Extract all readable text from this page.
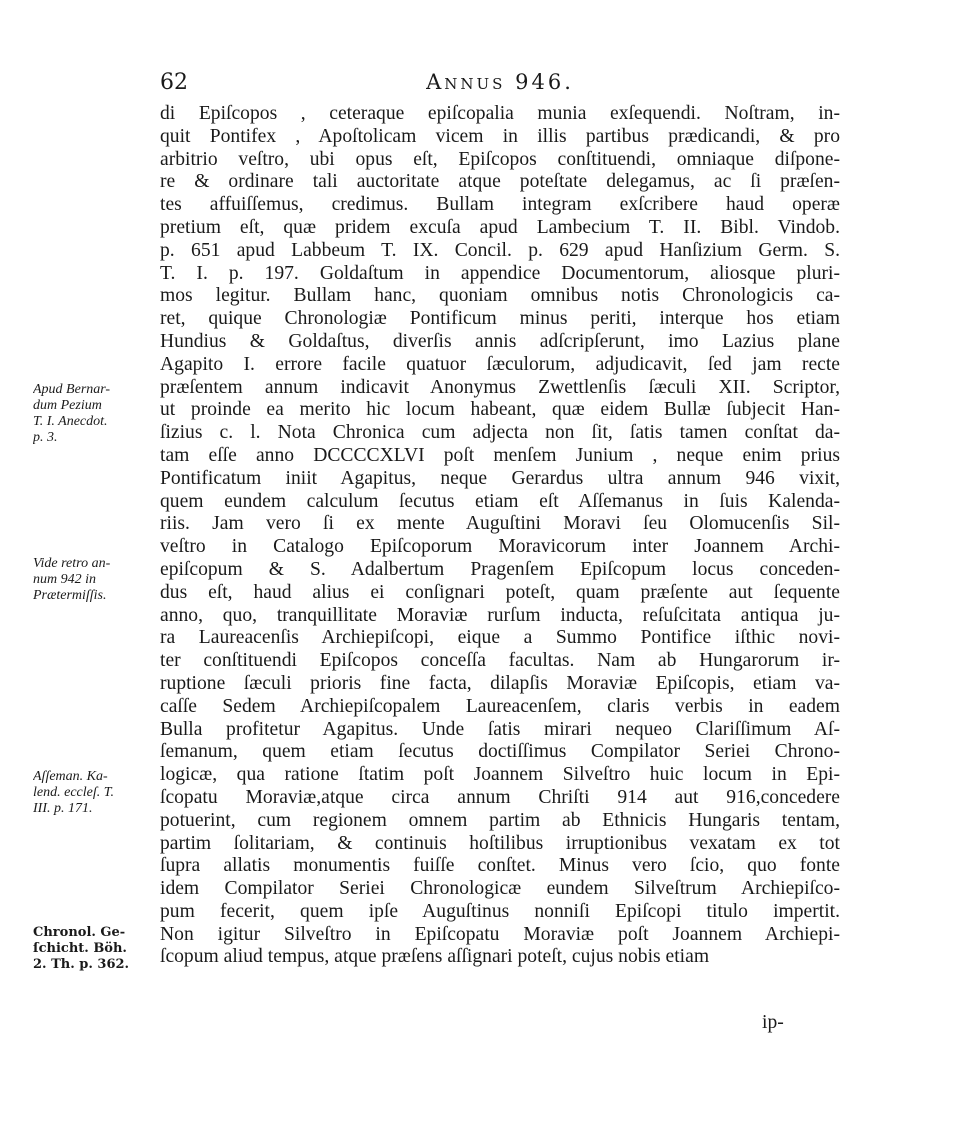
62	Annus 946.
di Epiſcopos , ceteraque epiſcopalia munia exſequendi. Noſtram, in-
quit Pontifex , Apoſtolicam vicem in illis partibus prædicandi, & pro
arbitrio veſtro, ubi opus eſt, Epiſcopos conſtituendi, omniaque diſpone-
re & ordinare tali auctoritate atque poteſtate delegamus, ac ſi præſen-
tes affuiſſemus, credimus. Bullam integram exſcribere haud operæ
pretium eſt, quæ pridem excuſa apud Lambecium T. II. Bibl. Vindob.
p. 651 apud Labbeum T. IX. Concil. p. 629 apud Hanſizium Germ. S.
T. I. p. 197. Goldaſtum in appendice Documentorum, aliosque pluri-
mos legitur. Bullam hanc, quoniam omnibus notis Chronologicis ca-
ret, quique Chronologiæ Pontificum minus periti, interque hos etiam
Hundius & Goldaſtus, diverſis annis adſcripſerunt, imo Lazius plane
Agapito I. errore facile quatuor ſæculorum, adjudicavit, ſed jam recte
præſentem annum indicavit Anonymus Zwettlenſis ſæculi XII. Scriptor,
ut proinde ea merito hic locum habeant, quæ eidem Bullæ ſubjecit Han-
ſizius c. l. Nota Chronica cum adjecta non ſit, ſatis tamen conſtat da-
tam eſſe anno DCCCCXLVI poſt menſem Junium , neque enim prius
Pontificatum iniit Agapitus, neque Gerardus ultra annum 946 vixit,
quem eundem calculum ſecutus etiam eſt Aſſemanus in ſuis Kalenda-
riis. Jam vero ſi ex mente Auguſtini Moravi ſeu Olomucenſis Sil-
veſtro in Catalogo Epiſcoporum Moravicorum inter Joannem Archi-
epiſcopum & S. Adalbertum Pragenſem Epiſcopum locus conceden-
dus eſt, haud alius ei conſignari poteſt, quam præſente aut ſequente
anno, quo, tranquillitate Moraviæ rurſum inducta, reſuſcitata antiqua ju-
ra Laureacenſis Archiepiſcopi, eique a Summo Pontifice iſthic novi-
ter conſtituendi Epiſcopos conceſſa facultas. Nam ab Hungarorum ir-
ruptione ſæculi prioris fine facta, dilapſis Moraviæ Epiſcopis, etiam va-
caſſe Sedem Archiepiſcopalem Laureacenſem, claris verbis in eadem
Bulla profitetur Agapitus. Unde ſatis mirari nequeo Clariſſimum Aſ-
ſemanum, quem etiam ſecutus doctiſſimus Compilator Seriei Chrono-
logicæ, qua ratione ſtatim poſt Joannem Silveſtro huic locum in Epi-
ſcopatu Moraviæ,atque circa annum Chriſti 914 aut 916,concedere
potuerint, cum regionem omnem partim ab Ethnicis Hungaris tentam,
partim ſolitariam, & continuis hoſtilibus irruptionibus vexatam ex tot
ſupra allatis monumentis fuiſſe conſtet. Minus vero ſcio, quo fonte
idem Compilator Seriei Chronologicæ eundem Silveſtrum Archiepiſco-
pum fecerit, quem ipſe Auguſtinus nonniſi Epiſcopi titulo impertit.
Non igitur Silveſtro in Epiſcopatu Moraviæ poſt Joannem Archiepi-
ſcopum aliud tempus, atque præſens aſſignari poteſt, cujus nobis etiam
ip-
Apud Bernar-
dum Pezium
T. I. Anecdot.
p. 3.
Vide retro an-
num 942 in
Prætermiſſis.
Aſſeman. Ka-
lend. eccleſ. T.
III. p. 171.
Chronol. Ge-
ſchicht. Böh.
2. Th. p. 362.
